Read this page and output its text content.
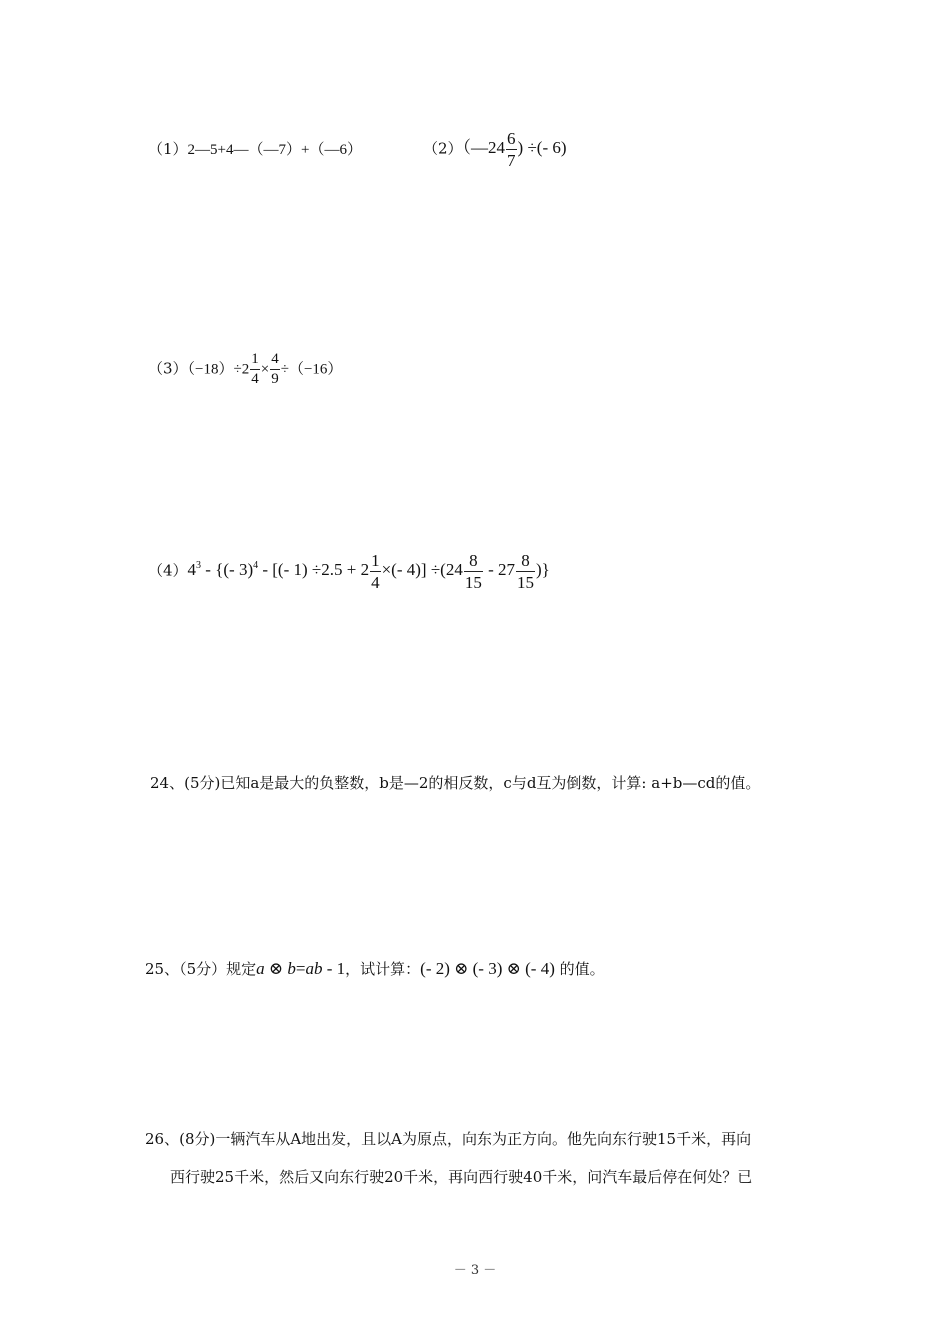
（1）2—5+4—（—7）+（—6）	（2）（—24 $\frac{6}{7}$ ) ÷(- 6)
$(3)(-18)\div 2 \frac{1}{4} \times \frac{4}{9} \div(-16)$
$(4)4^3$ - {(- 3)$^4$ - [(- $1) \div 2.5 + 2 \frac{1}{4}$ ×(- $4)] \div(24 \frac{8}{15} - 27 \frac{8}{15}$ )}
24、(5分)已知a是最大的负整数，b是—2的相反数，c与d互为倒数，计算: a+b—cd的值。
25、（5分）规定a ⊗ b=ab - 1，试计算：(- 2) ⊗ (- 3) ⊗ (- 4) 的值。
26、(8分)一辆汽车从A地出发，且以A为原点，向东为正方向。他先向东行驶15千米，再向
西行驶25千米，然后又向东行驶20千米，再向西行驶40千米，问汽车最后停在何处？已
－ 3 －
